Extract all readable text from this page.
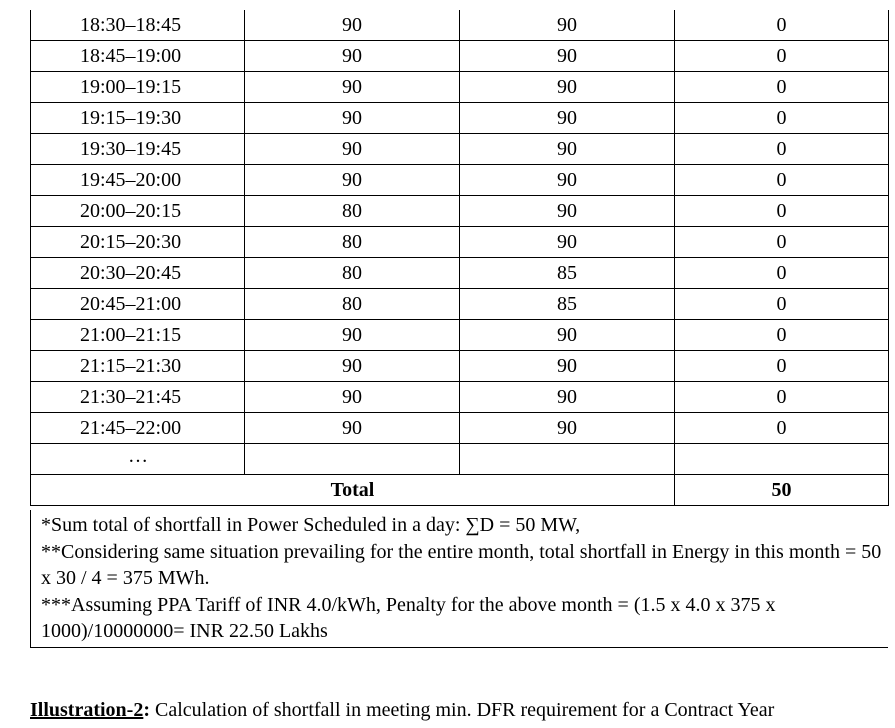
18:30–18:45	90	90	0
18:45–19:00	90	90	0
19:00–19:15	90	90	0
19:15–19:30	90	90	0
19:30–19:45	90	90	0
19:45–20:00	90	90	0
20:00–20:15	80	90	0
20:15–20:30	80	90	0
20:30–20:45	80	85	0
20:45–21:00	80	85	0
21:00–21:15	90	90	0
21:15–21:30	90	90	0
21:30–21:45	90	90	0
21:45–22:00	90	90	0
…			
Total			50

*Sum total of shortfall in Power Scheduled in a day: ∑D = 50 MW,

**Considering same situation prevailing for the entire month, total shortfall in Energy in this month = 50 x 30 / 4 = 375 MWh.

***Assuming PPA Tariff of INR 4.0/kWh, Penalty for the above month = (1.5 x 4.0 x 375 x 1000)/10000000= INR 22.50 Lakhs

Illustration-2: Calculation of shortfall in meeting min. DFR requirement for a Contract Year
